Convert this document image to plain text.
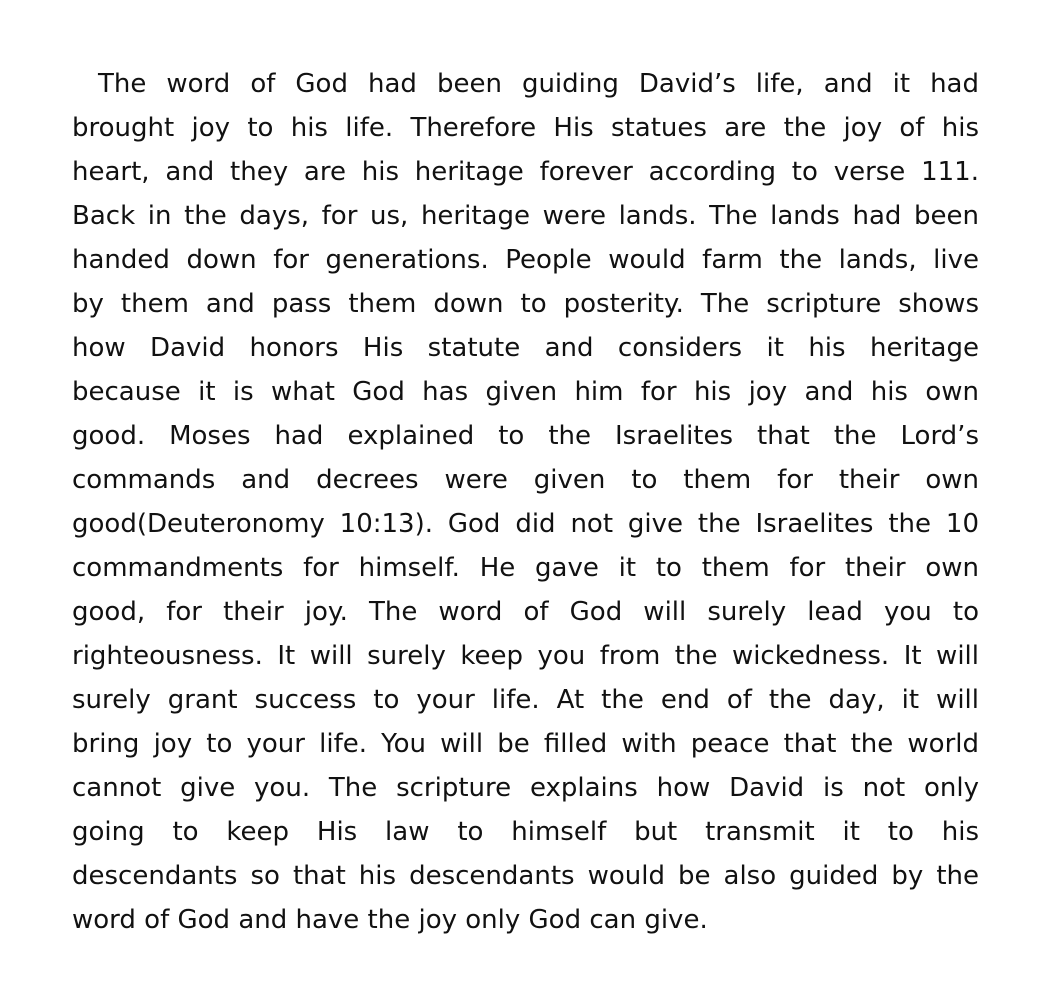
The word of God had been guiding David’s life, and it had
brought joy to his life. Therefore His statues are the joy of his
heart, and they are his heritage forever according to verse 111.
Back in the days, for us, heritage were lands. The lands had been
handed down for generations. People would farm the lands, live
by them and pass them down to posterity. The scripture shows
how David honors His statute and considers it his heritage
because it is what God has given him for his joy and his own
good. Moses had explained to the Israelites that the Lord’s
commands and decrees were given to them for their own
good(Deuteronomy 10:13). God did not give the Israelites the 10
commandments for himself. He gave it to them for their own
good, for their joy. The word of God will surely lead you to
righteousness. It will surely keep you from the wickedness. It will
surely grant success to your life. At the end of the day, it will
bring joy to your life. You will be filled with peace that the world
cannot give you. The scripture explains how David is not only
going to keep His law to himself but transmit it to his
descendants so that his descendants would be also guided by the
word of God and have the joy only God can give.
